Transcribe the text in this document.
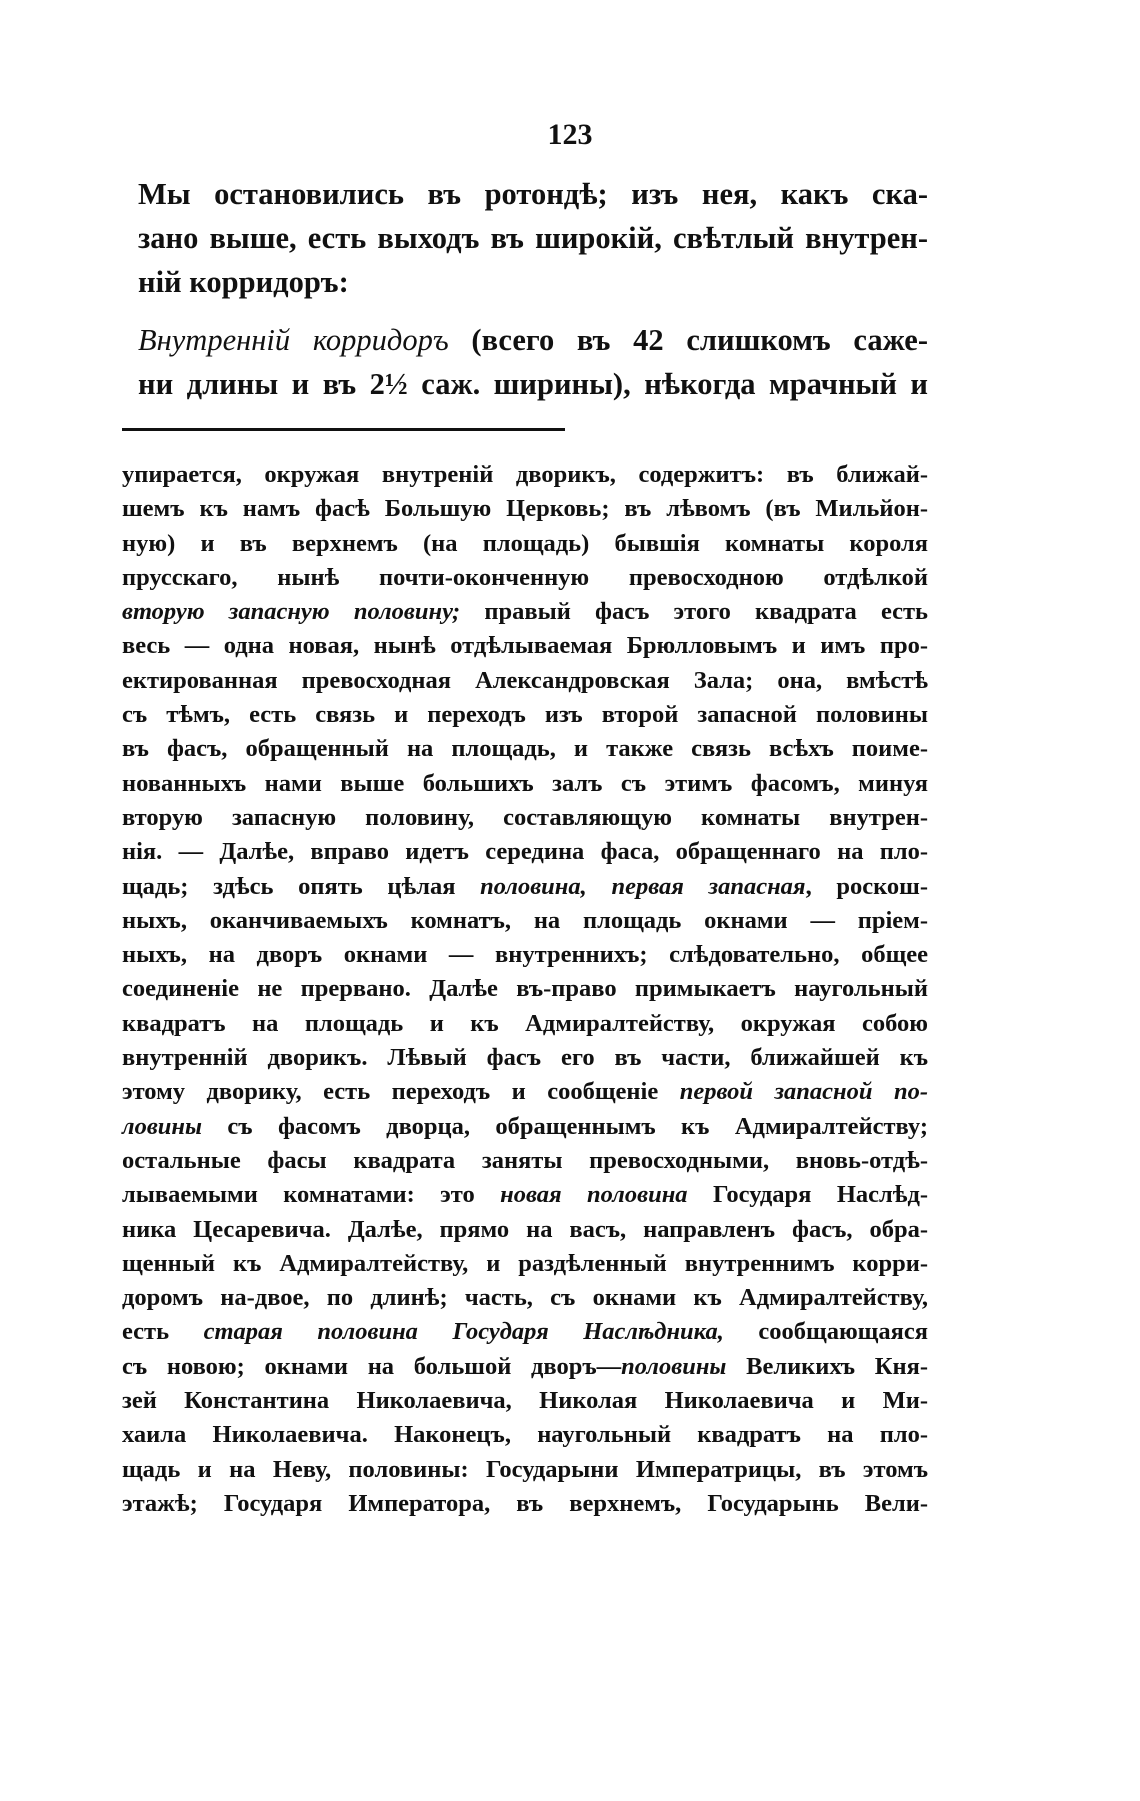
123
Мы остановились въ ротондѣ; изъ нея, какъ ска-
зано выше, есть выходъ въ широкій, свѣтлый внутрен-
ній корридоръ:
Внутренній корридоръ (всего въ 42 слишкомъ саже-
ни длины и въ 2½ саж. ширины), нѣкогда мрачный и
упирается, окружая внутреній дворикъ, содержитъ: въ ближай-
шемъ къ намъ фасѣ Большую Церковь; въ лѣвомъ (въ Мильйон-
ную) и въ верхнемъ (на площадь) бывшія комнаты короля
прусскаго, нынѣ почти-оконченную превосходною отдѣлкой
вторую запасную половину; правый фасъ этого квадрата есть
весь — одна новая, нынѣ отдѣлываемая Брюлловымъ и имъ про-
ектированная превосходная Александровская Зала; она, вмѣстѣ
съ тѣмъ, есть связь и переходъ изъ второй запасной половины
въ фасъ, обращенный на площадь, и также связь всѣхъ поиме-
нованныхъ нами выше большихъ залъ съ этимъ фасомъ, минуя
вторую запасную половину, составляющую комнаты внутрен-
нія. — Далѣе, вправо идетъ середина фаса, обращеннаго на пло-
щадь; здѣсь опять цѣлая половина, первая запасная, роскош-
ныхъ, оканчиваемыхъ комнатъ, на площадь окнами — пріем-
ныхъ, на дворъ окнами — внутреннихъ; слѣдовательно, общее
соединеніе не прервано. Далѣе въ-право примыкаетъ наугольный
квадратъ на площадь и къ Адмиралтейству, окружая собою
внутренній дворикъ. Лѣвый фасъ его въ части, ближайшей къ
этому дворику, есть переходъ и сообщеніе первой запасной по-
ловины съ фасомъ дворца, обращеннымъ къ Адмиралтейству;
остальные фасы квадрата заняты превосходными, вновь-отдѣ-
лываемыми комнатами: это новая половина Государя Наслѣд-
ника Цесаревича. Далѣе, прямо на васъ, направленъ фасъ, обра-
щенный къ Адмиралтейству, и раздѣленный внутреннимъ корри-
доромъ на-двое, по длинѣ; часть, съ окнами къ Адмиралтейству,
есть старая половина Государя Наслѣдника, сообщающаяся
съ новою; окнами на большой дворъ—половины Великихъ Кня-
зей Константина Николаевича, Николая Николаевича и Ми-
хаила Николаевича. Наконецъ, наугольный квадратъ на пло-
щадь и на Неву, половины: Государыни Императрицы, въ этомъ
этажѣ; Государя Императора, въ верхнемъ, Государынь Вели-
